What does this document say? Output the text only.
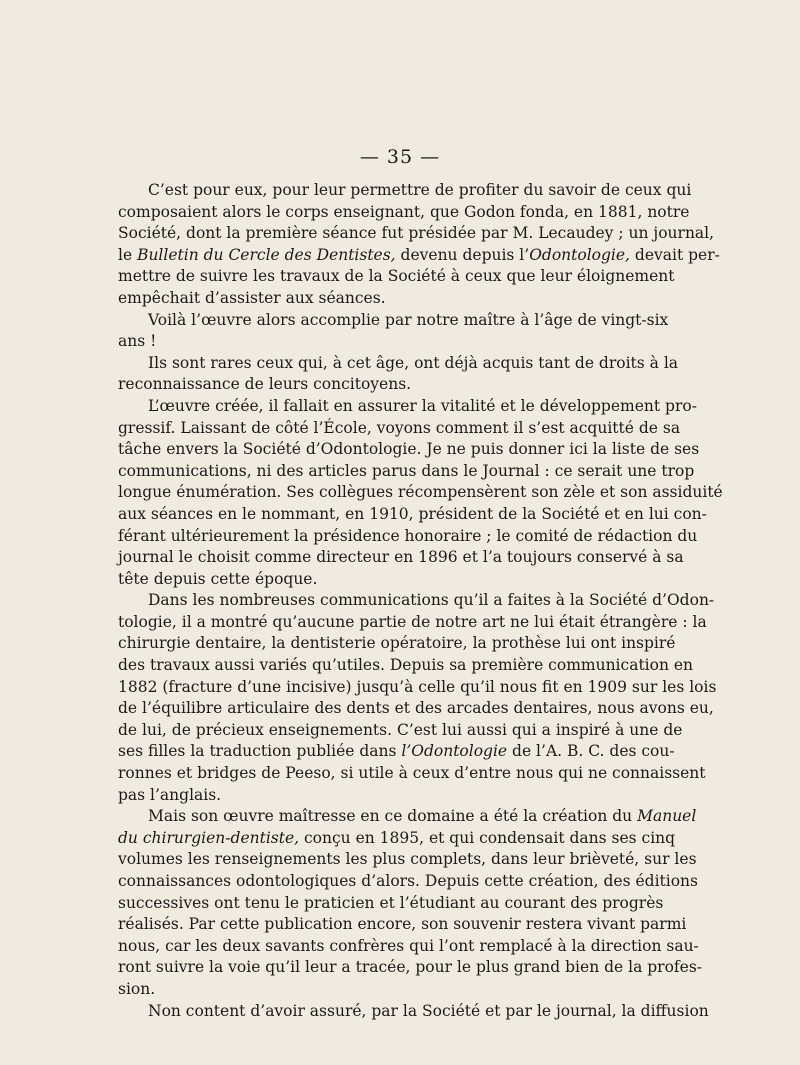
— 35 —
C’est pour eux, pour leur permettre de profiter du savoir de ceux qui
composaient alors le corps enseignant, que Godon fonda, en 1881, notre
Société, dont la première séance fut présidée par M. Lecaudey ; un journal,
le Bulletin du Cercle des Dentistes, devenu depuis l’Odontologie, devait per-
mettre de suivre les travaux de la Société à ceux que leur éloignement
empêchait d’assister aux séances.
Voilà l’œuvre alors accomplie par notre maître à l’âge de vingt-six
ans !
Ils sont rares ceux qui, à cet âge, ont déjà acquis tant de droits à la
reconnaissance de leurs concitoyens.
L’œuvre créée, il fallait en assurer la vitalité et le développement pro-
gressif. Laissant de côté l’École, voyons comment il s’est acquitté de sa
tâche envers la Société d’Odontologie. Je ne puis donner ici la liste de ses
communications, ni des articles parus dans le Journal : ce serait une trop
longue énumération. Ses collègues récompensèrent son zèle et son assiduité
aux séances en le nommant, en 1910, président de la Société et en lui con-
férant ultérieurement la présidence honoraire ; le comité de rédaction du
journal le choisit comme directeur en 1896 et l’a toujours conservé à sa
tête depuis cette époque.
Dans les nombreuses communications qu’il a faites à la Société d’Odon-
tologie, il a montré qu’aucune partie de notre art ne lui était étrangère : la
chirurgie dentaire, la dentisterie opératoire, la prothèse lui ont inspiré
des travaux aussi variés qu’utiles. Depuis sa première communication en
1882 (fracture d’une incisive) jusqu’à celle qu’il nous fit en 1909 sur les lois
de l’équilibre articulaire des dents et des arcades dentaires, nous avons eu,
de lui, de précieux enseignements. C’est lui aussi qui a inspiré à une de
ses filles la traduction publiée dans l’Odontologie de l’A. B. C. des cou-
ronnes et bridges de Peeso, si utile à ceux d’entre nous qui ne connaissent
pas l’anglais.
Mais son œuvre maîtresse en ce domaine a été la création du Manuel
du chirurgien-dentiste, conçu en 1895, et qui condensait dans ses cinq
volumes les renseignements les plus complets, dans leur brièveté, sur les
connaissances odontologiques d’alors. Depuis cette création, des éditions
successives ont tenu le praticien et l’étudiant au courant des progrès
réalisés. Par cette publication encore, son souvenir restera vivant parmi
nous, car les deux savants confrères qui l’ont remplacé à la direction sau-
ront suivre la voie qu’il leur a tracée, pour le plus grand bien de la profes-
sion.
Non content d’avoir assuré, par la Société et par le journal, la diffusion
